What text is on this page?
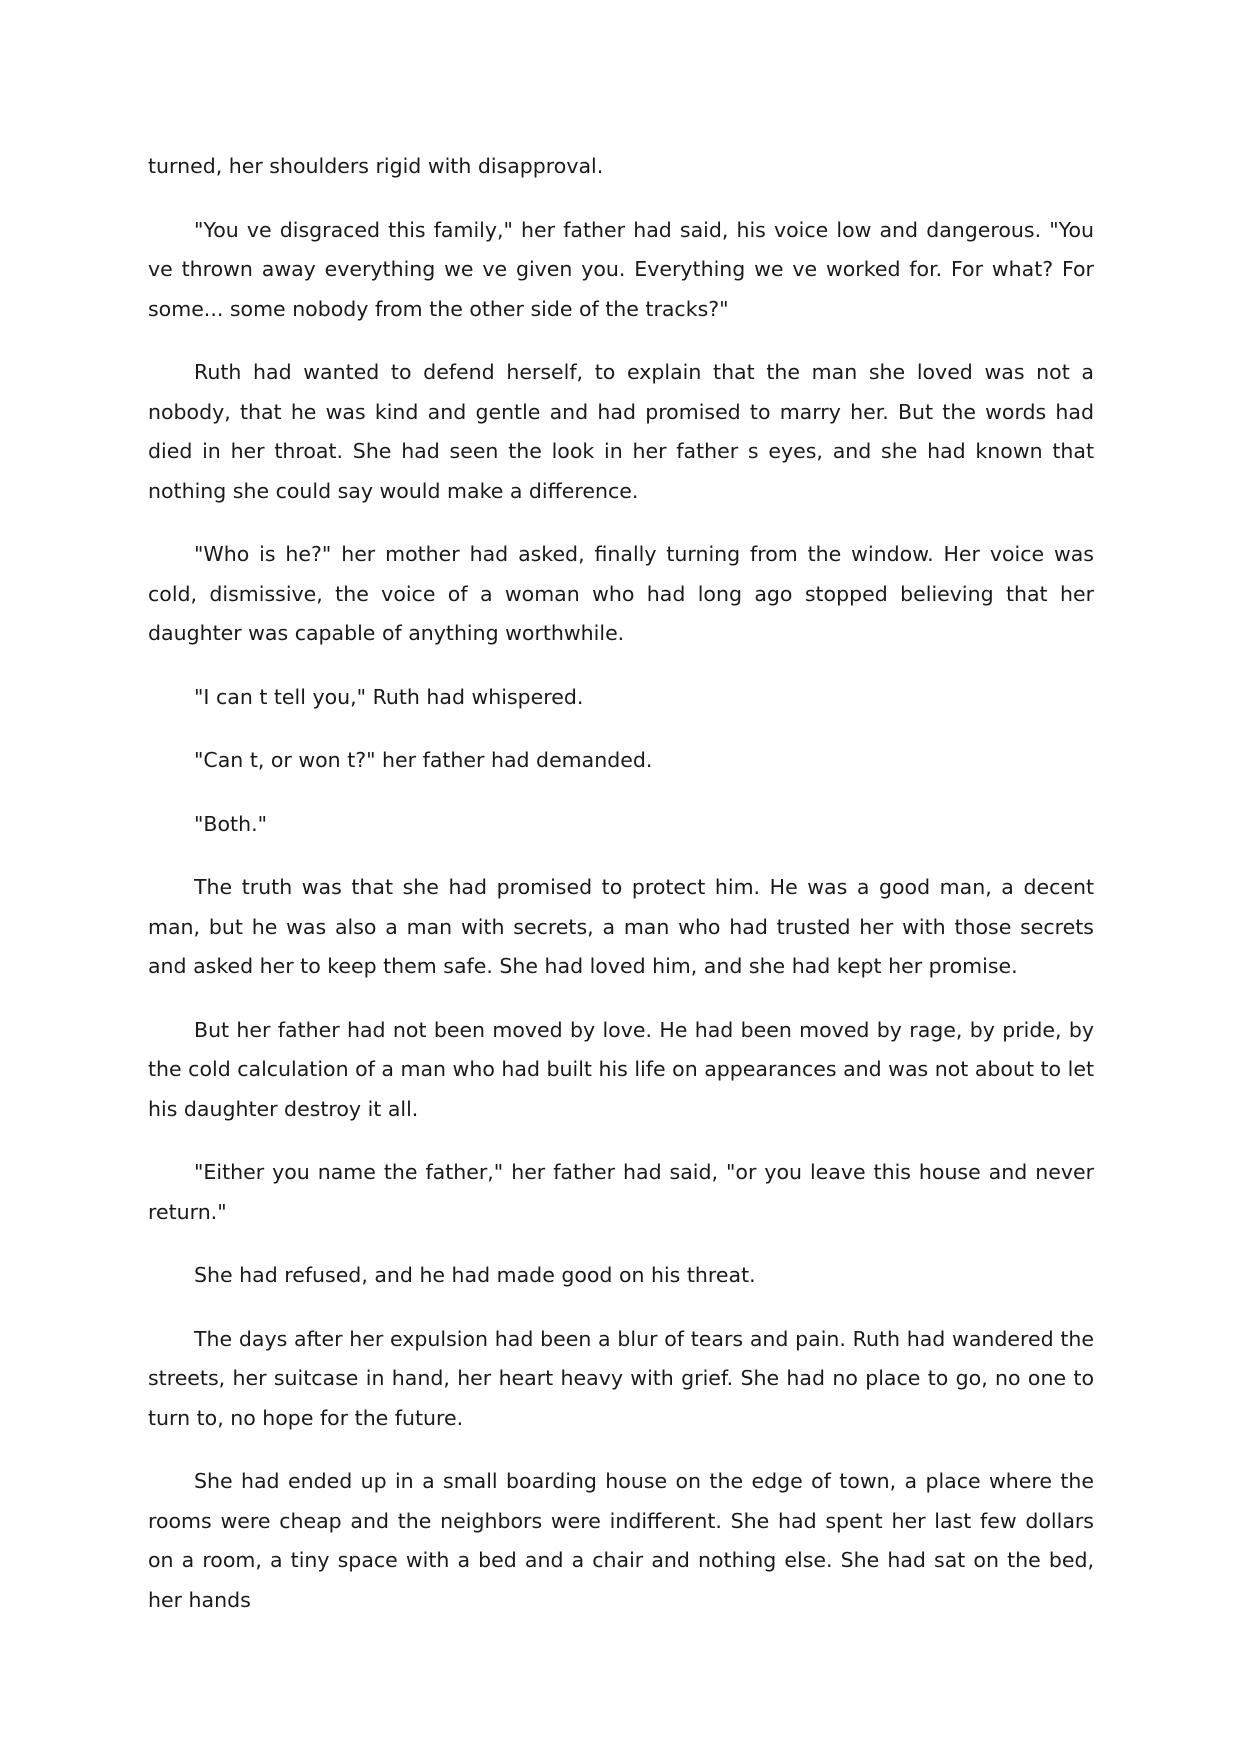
turned, her shoulders rigid with disapproval.

"You ve disgraced this family," her father had said, his voice low and dangerous. "You ve thrown away everything we ve given you. Everything we ve worked for. For what? For some... some nobody from the other side of the tracks?"

Ruth had wanted to defend herself, to explain that the man she loved was not a nobody, that he was kind and gentle and had promised to marry her. But the words had died in her throat. She had seen the look in her father s eyes, and she had known that nothing she could say would make a difference.

"Who is he?" her mother had asked, finally turning from the window. Her voice was cold, dismissive, the voice of a woman who had long ago stopped believing that her daughter was capable of anything worthwhile.

"I can t tell you," Ruth had whispered.

"Can t, or won t?" her father had demanded.

"Both."

The truth was that she had promised to protect him. He was a good man, a decent man, but he was also a man with secrets, a man who had trusted her with those secrets and asked her to keep them safe. She had loved him, and she had kept her promise.

But her father had not been moved by love. He had been moved by rage, by pride, by the cold calculation of a man who had built his life on appearances and was not about to let his daughter destroy it all.

"Either you name the father," her father had said, "or you leave this house and never return."

She had refused, and he had made good on his threat.

The days after her expulsion had been a blur of tears and pain. Ruth had wandered the streets, her suitcase in hand, her heart heavy with grief. She had no place to go, no one to turn to, no hope for the future.

She had ended up in a small boarding house on the edge of town, a place where the rooms were cheap and the neighbors were indifferent. She had spent her last few dollars on a room, a tiny space with a bed and a chair and nothing else. She had sat on the bed, her hands
